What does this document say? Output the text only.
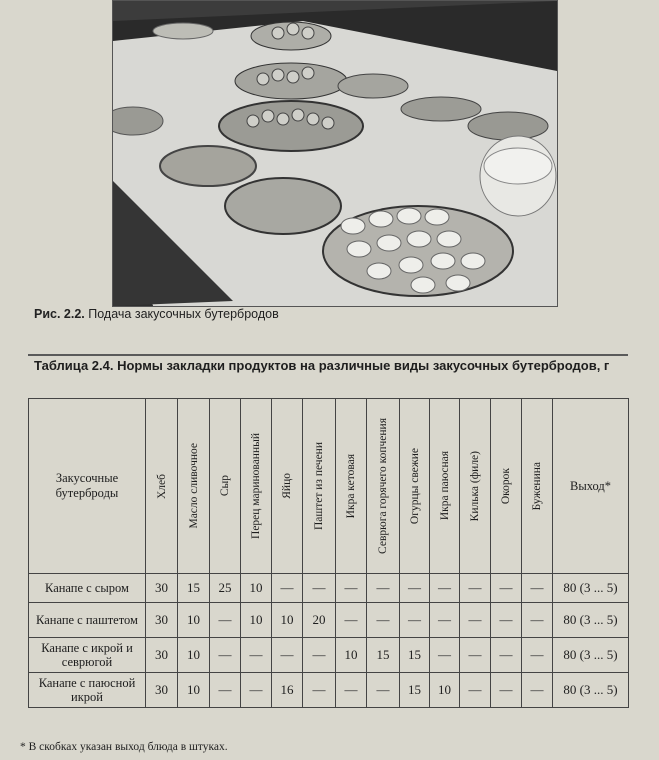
Рис. 2.2. Подача закусочных бутербродов
Таблица 2.4. Нормы закладки продуктов на различные виды закусочных бутербродов, г
Закусочные бутерброды	Хлеб	Масло сливочное	Сыр	Перец маринованный	Яйцо	Паштет из печени	Икра кетовая	Севрюга горячего копчения	Огурцы свежие	Икра паюсная	Килька (филе)	Окорок	Буженина	Выход*
Канапе с сыром	30	15	25	10	—	—	—	—	—	—	—	—	—	80 (3 ... 5)
Канапе с паштетом	30	10	—	10	10	20	—	—	—	—	—	—	—	80 (3 ... 5)
Канапе с икрой и севрюгой	30	10	—	—	—	—	10	15	15	—	—	—	—	80 (3 ... 5)
Канапе с паюсной икрой	30	10	—	—	16	—	—	—	15	10	—	—	—	80 (3 ... 5)
* В скобках указан выход блюда в штуках.
